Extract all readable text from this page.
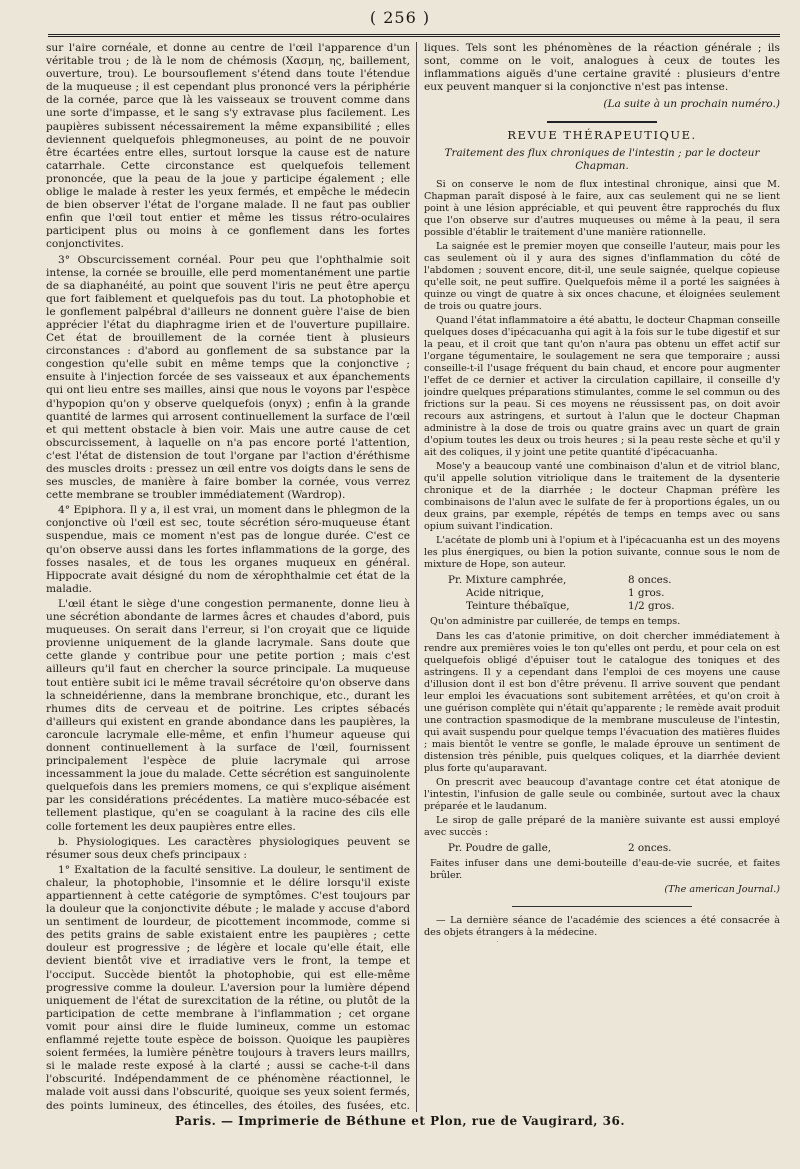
( 256 )

sur l'aire cornéale, et donne au centre de l'œil l'apparence d'un véritable trou ; de là le nom de chémosis (Χασμη, ης, baillement, ouverture, trou). Le boursouflement s'étend dans toute l'étendue de la muqueuse ; il est cependant plus prononcé vers la périphérie de la cornée, parce que là les vaisseaux se trouvent comme dans une sorte d'impasse, et le sang s'y extravase plus facilement. Les paupières subissent nécessairement la même expansibilité ; elles deviennent quelquefois phlegmoneuses, au point de ne pouvoir être écartées entre elles, surtout lorsque la cause est de nature catarrhale. Cette circonstance est quelquefois tellement prononcée, que la peau de la joue y participe également ; elle oblige le malade à rester les yeux fermés, et empêche le médecin de bien observer l'état de l'organe malade. Il ne faut pas oublier enfin que l'œil tout entier et même les tissus rétro-oculaires participent plus ou moins à ce gonflement dans les fortes conjonctivites.

3° Obscurcissement cornéal. Pour peu que l'ophthalmie soit intense, la cornée se brouille, elle perd momentanément une partie de sa diaphanéité, au point que souvent l'iris ne peut être aperçu que fort faiblement et quelquefois pas du tout. La photophobie et le gonflement palpébral d'ailleurs ne donnent guère l'aise de bien apprécier l'état du diaphragme irien et de l'ouverture pupillaire. Cet état de brouillement de la cornée tient à plusieurs circonstances : d'abord au gonflement de sa substance par la congestion qu'elle subit en même temps que la conjonctive ; ensuite à l'injection forcée de ses vaisseaux et aux épanchements qui ont lieu entre ses mailles, ainsi que nous le voyons par l'espèce d'hypopion qu'on y observe quelquefois (onyx) ; enfin à la grande quantité de larmes qui arrosent continuellement la surface de l'œil et qui mettent obstacle à bien voir. Mais une autre cause de cet obscurcissement, à laquelle on n'a pas encore porté l'attention, c'est l'état de distension de tout l'organe par l'action d'éréthisme des muscles droits : pressez un œil entre vos doigts dans le sens de ses muscles, de manière à faire bomber la cornée, vous verrez cette membrane se troubler immédiatement (Wardrop).

4° Epiphora. Il y a, il est vrai, un moment dans le phlegmon de la conjonctive où l'œil est sec, toute sécrétion séro-muqueuse étant suspendue, mais ce moment n'est pas de longue durée. C'est ce qu'on observe aussi dans les fortes inflammations de la gorge, des fosses nasales, et de tous les organes muqueux en général. Hippocrate avait désigné du nom de xérophthalmie cet état de la maladie.

L'œil étant le siège d'une congestion permanente, donne lieu à une sécrétion abondante de larmes âcres et chaudes d'abord, puis muqueuses. On serait dans l'erreur, si l'on croyait que ce liquide provienne uniquement de la glande lacrymale. Sans doute que cette glande y contribue pour une petite portion ; mais c'est ailleurs qu'il faut en chercher la source principale. La muqueuse tout entière subit ici le même travail sécrétoire qu'on observe dans la schneidérienne, dans la membrane bronchique, etc., durant les rhumes dits de cerveau et de poitrine. Les criptes sébacés d'ailleurs qui existent en grande abondance dans les paupières, la caroncule lacrymale elle-même, et enfin l'humeur aqueuse qui donnent continuellement à la surface de l'œil, fournissent principalement l'espèce de pluie lacrymale qui arrose incessamment la joue du malade. Cette sécrétion est sanguinolente quelquefois dans les premiers momens, ce qui s'explique aisément par les considérations précédentes. La matière muco-sébacée est tellement plastique, qu'en se coagulant à la racine des cils elle colle fortement les deux paupières entre elles.

b. Physiologiques. Les caractères physiologiques peuvent se résumer sous deux chefs principaux :

1° Exaltation de la faculté sensitive. La douleur, le sentiment de chaleur, la photophobie, l'insomnie et le délire lorsqu'il existe appartiennent à cette catégorie de symptômes. C'est toujours par la douleur que la conjonctivite débute ; le malade y accuse d'abord un sentiment de lourdeur, de picottement incommode, comme si des petits grains de sable existaient entre les paupières ; cette douleur est progressive ; de légère et locale qu'elle était, elle devient bientôt vive et irradiative vers le front, la tempe et l'occiput. Succède bientôt la photophobie, qui est elle-même progressive comme la douleur. L'aversion pour la lumière dépend uniquement de l'état de surexcitation de la rétine, ou plutôt de la participation de cette membrane à l'inflammation ; cet organe vomit pour ainsi dire le fluide lumineux, comme un estomac enflammé rejette toute espèce de boisson. Quoique les paupières soient fermées, la lumière pénètre toujours à travers leurs maillrs, si le malade reste exposé à la clarté ; aussi se cache-t-il dans l'obscurité. Indépendamment de ce phénomène réactionnel, le malade voit aussi dans l'obscurité, quoique ses yeux soient fermés, des points lumineux, des étincelles, des étoiles, des fusées, etc.

liques. Tels sont les phénomènes de la réaction générale ; ils sont, comme on le voit, analogues à ceux de toutes les inflammations aiguës d'une certaine gravité : plusieurs d'entre eux peuvent manquer si la conjonctive n'est pas intense.

(La suite à un prochain numéro.)
REVUE THÉRAPEUTIQUE.
Traitement des flux chroniques de l'intestin ; par le docteur Chapman.

Si on conserve le nom de flux intestinal chronique, ainsi que M. Chapman paraît disposé à le faire, aux cas seulement qui ne se lient point à une lésion appréciable, et qui peuvent être rapprochés du flux que l'on observe sur d'autres muqueuses ou même à la peau, il sera possible d'établir le traitement d'une manière rationnelle.

La saignée est le premier moyen que conseille l'auteur, mais pour les cas seulement où il y aura des signes d'inflammation du côté de l'abdomen ; souvent encore, dit-il, une seule saignée, quelque copieuse qu'elle soit, ne peut suffire. Quelquefois même il a porté les saignées à quinze ou vingt de quatre à six onces chacune, et éloignées seulement de trois ou quatre jours.

Quand l'état inflammatoire a été abattu, le docteur Chapman conseille quelques doses d'ipécacuanha qui agit à la fois sur le tube digestif et sur la peau, et il croit que tant qu'on n'aura pas obtenu un effet actif sur l'organe tégumentaire, le soulagement ne sera que temporaire ; aussi conseille-t-il l'usage fréquent du bain chaud, et encore pour augmenter l'effet de ce dernier et activer la circulation capillaire, il conseille d'y joindre quelques préparations stimulantes, comme le sel commun ou des frictions sur la peau. Si ces moyens ne réussissent pas, on doit avoir recours aux astringens, et surtout à l'alun que le docteur Chapman administre à la dose de trois ou quatre grains avec un quart de grain d'opium toutes les deux ou trois heures ; si la peau reste sèche et qu'il y ait des coliques, il y joint une petite quantité d'ipécacuanha.

Mose'y a beaucoup vanté une combinaison d'alun et de vitriol blanc, qu'il appelle solution vitriolique dans le traitement de la dysenterie chronique et de la diarrhée ; le docteur Chapman préfère les combinaisons de l'alun avec le sulfate de fer à proportions égales, un ou deux grains, par exemple, répétés de temps en temps avec ou sans opium suivant l'indication.

L'acétate de plomb uni à l'opium et à l'ipécacuanha est un des moyens les plus énergiques, ou bien la potion suivante, connue sous le nom de mixture de Hope, son auteur.

Pr. Mixture camphrée,	8 onces.
Acide nitrique,	1 gros.
Teinture thébaïque,	1/2 gros.
Qu'on administre par cuillerée, de temps en temps.

Dans les cas d'atonie primitive, on doit chercher immédiatement à rendre aux premières voies le ton qu'elles ont perdu, et pour cela on est quelquefois obligé d'épuiser tout le catalogue des toniques et des astringens. Il y a cependant dans l'emploi de ces moyens une cause d'illusion dont il est bon d'être prévenu. Il arrive souvent que pendant leur emploi les évacuations sont subitement arrêtées, et qu'on croit à une guérison complète qui n'était qu'apparente ; le remède avait produit une contraction spasmodique de la membrane musculeuse de l'intestin, qui avait suspendu pour quelque temps l'évacuation des matières fluides ; mais bientôt le ventre se gonfle, le malade éprouve un sentiment de distension très pénible, puis quelques coliques, et la diarrhée devient plus forte qu'auparavant.

On prescrit avec beaucoup d'avantage contre cet état atonique de l'intestin, l'infusion de galle seule ou combinée, surtout avec la chaux préparée et le laudanum.

Le sirop de galle préparé de la manière suivante est aussi employé avec succès :

Pr. Poudre de galle,	2 onces.
Faites infuser dans une demi-bouteille d'eau-de-vie sucrée, et faites brûler.
(The american Journal.)

— La dernière séance de l'académie des sciences a été consacrée à des objets étrangers à la médecine.

Paris. — Imprimerie de Béthune et Plon, rue de Vaugirard, 36.
